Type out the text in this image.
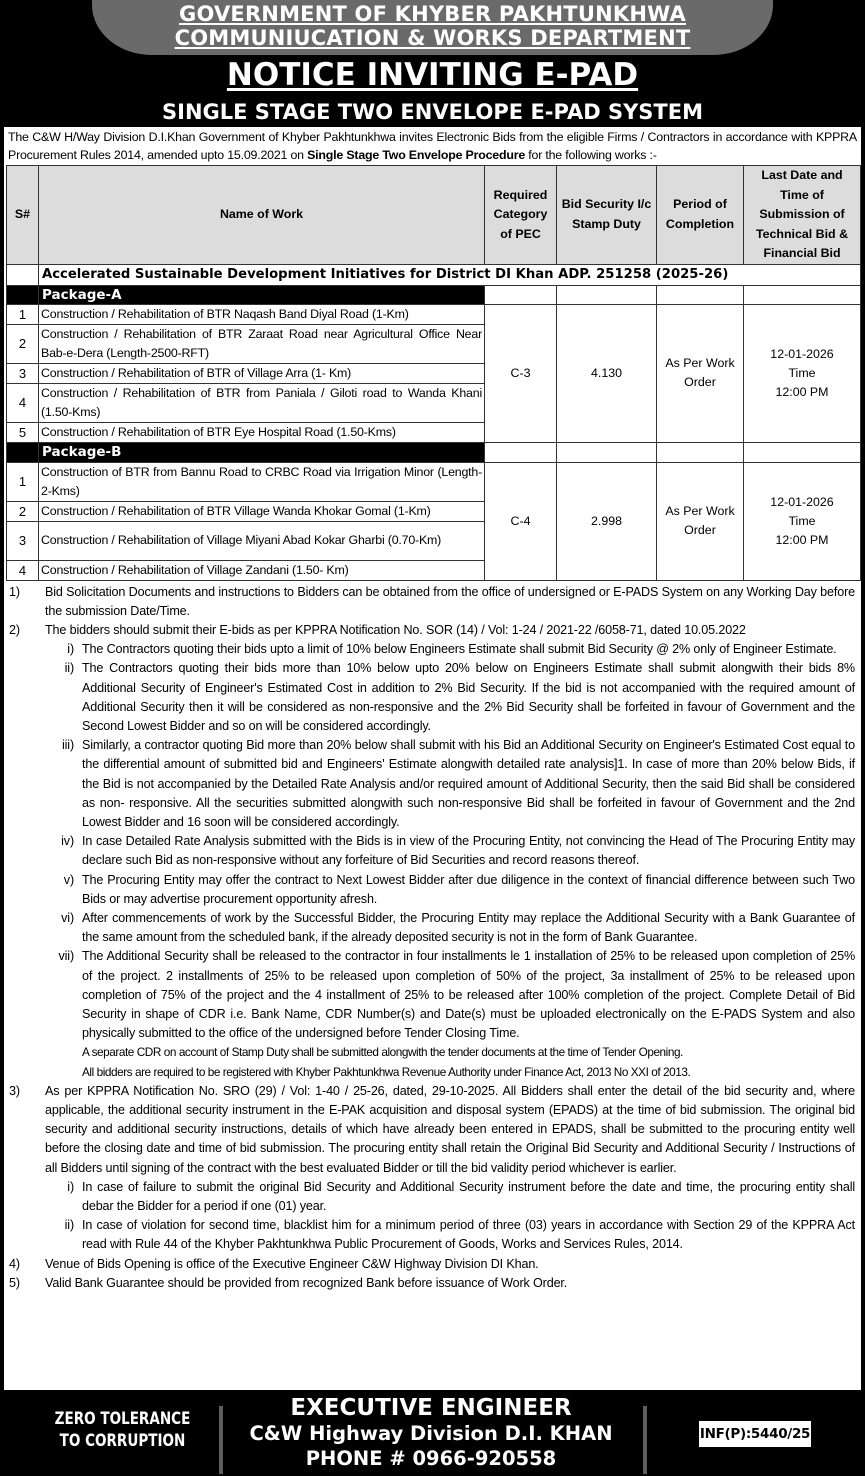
GOVERNMENT OF KHYBER PAKHTUNKHWA
COMMUNIUCATION & WORKS DEPARTMENT
NOTICE INVITING E-PAD
SINGLE STAGE TWO ENVELOPE E-PAD SYSTEM

The C&W H/Way Division D.I.Khan Government of Khyber Pakhtunkhwa invites Electronic Bids from the eligible Firms / Contractors in accordance with KPPRA Procurement Rules 2014, amended upto 15.09.2021 on Single Stage Two Envelope Procedure for the following works :-

S#	Name of Work	Required Category of PEC	Bid Security I/c Stamp Duty	Period of Completion	Last Date and Time of Submission of Technical Bid & Financial Bid
	Accelerated Sustainable Development Initiatives for District DI Khan ADP. 251258 (2025-26)				
	Package-A				
1	Construction / Rehabilitation of BTR Naqash Band Diyal Road (1-Km)	C-3	4.130	As Per Work Order	12-01-2026
Time
12:00 PM

2	Construction / Rehabilitation of BTR Zaraat Road near Agricultural Office Near Bab-e-Dera (Length-2500-RFT)				
3	Construction / Rehabilitation of BTR of Village Arra (1- Km)				
4	Construction / Rehabilitation of BTR from Paniala / Giloti road to Wanda Khani (1.50-Kms)				
5	Construction / Rehabilitation of BTR Eye Hospital Road (1.50-Kms)				
	Package-B				
1	Construction of BTR from Bannu Road to CRBC Road via Irrigation Minor (Length-2-Kms)	C-4	2.998	As Per Work Order	12-01-2026
Time
12:00 PM

2	Construction / Rehabilitation of BTR Village Wanda Khokar Gomal (1-Km)				
3	Construction / Rehabilitation of Village Miyani Abad Kokar Gharbi (0.70-Km)				
4	Construction / Rehabilitation of Village Zandani (1.50- Km)				
1)	Bid Solicitation Documents and instructions to Bidders can be obtained from the office of undersigned or E-PADS System on any Working Day before the submission Date/Time.
2)	The bidders should submit their E-bids as per KPPRA Notification No. SOR (14) / Vol: 1-24 / 2021-22 /6058-71, dated 10.05.2022
i) The Contractors quoting their bids upto a limit of 10% below Engineers Estimate shall submit Bid Security @ 2% only of Engineer Estimate.
ii) The Contractors quoting their bids more than 10% below upto 20% below on Engineers Estimate shall submit alongwith their bids 8% Additional Security of Engineer's Estimated Cost in addition to 2% Bid Security. If the bid is not accompanied with the required amount of Additional Security then it will be considered as non-responsive and the 2% Bid Security shall be forfeited in favour of Government and the Second Lowest Bidder and so on will be considered accordingly.
iii) Similarly, a contractor quoting Bid more than 20% below shall submit with his Bid an Additional Security on Engineer's Estimated Cost equal to the differential amount of submitted bid and Engineers' Estimate alongwith detailed rate analysis]1. In case of more than 20% below Bids, if the Bid is not accompanied by the Detailed Rate Analysis and/or required amount of Additional Security, then the said Bid shall be considered as non- responsive. All the securities submitted alongwith such non-responsive Bid shall be forfeited in favour of Government and the 2nd Lowest Bidder and 16 soon will be considered accordingly.
iv) In case Detailed Rate Analysis submitted with the Bids is in view of the Procuring Entity, not convincing the Head of The Procuring Entity may declare such Bid as non-responsive without any forfeiture of Bid Securities and record reasons thereof.
v) The Procuring Entity may offer the contract to Next Lowest Bidder after due diligence in the context of financial difference between such Two Bids or may advertise procurement opportunity afresh.
vi) After commencements of work by the Successful Bidder, the Procuring Entity may replace the Additional Security with a Bank Guarantee of the same amount from the scheduled bank, if the already deposited security is not in the form of Bank Guarantee.
vii) The Additional Security shall be released to the contractor in four installments le 1 installation of 25% to be released upon completion of 25% of the project. 2 installments of 25% to be released upon completion of 50% of the project, 3a installment of 25% to be released upon completion of 75% of the project and the 4 installment of 25% to be released after 100% completion of the project. Complete Detail of Bid Security in shape of CDR i.e. Bank Name, CDR Number(s) and Date(s) must be uploaded electronically on the E-PADS System and also physically submitted to the office of the undersigned before Tender Closing Time.
A separate CDR on account of Stamp Duty shall be submitted alongwith the tender documents at the time of Tender Opening.
All bidders are required to be registered with Khyber Pakhtunkhwa Revenue Authority under Finance Act, 2013 No XXI of 2013.
3)	As per KPPRA Notification No. SRO (29) / Vol: 1-40 / 25-26, dated, 29-10-2025. All Bidders shall enter the detail of the bid security and, where applicable, the additional security instrument in the E-PAK acquisition and disposal system (EPADS) at the time of bid submission. The original bid security and additional security instructions, details of which have already been entered in EPADS, shall be submitted to the procuring entity well before the closing date and time of bid submission. The procuring entity shall retain the Original Bid Security and Additional Security / Instructions of all Bidders until signing of the contract with the best evaluated Bidder or till the bid validity period whichever is earlier.
i) In case of failure to submit the original Bid Security and Additional Security instrument before the date and time, the procuring entity shall debar the Bidder for a period if one (01) year.
ii) In case of violation for second time, blacklist him for a minimum period of three (03) years in accordance with Section 29 of the KPPRA Act read with Rule 44 of the Khyber Pakhtunkhwa Public Procurement of Goods, Works and Services Rules, 2014.
4)	Venue of Bids Opening is office of the Executive Engineer C&W Highway Division DI Khan.
5)	Valid Bank Guarantee should be provided from recognized Bank before issuance of Work Order.
ZERO TOLERANCE
TO CORRUPTION
EXECUTIVE ENGINEER
C&W Highway Division D.I. KHAN
PHONE # 0966-920558
INF(P):5440/25
